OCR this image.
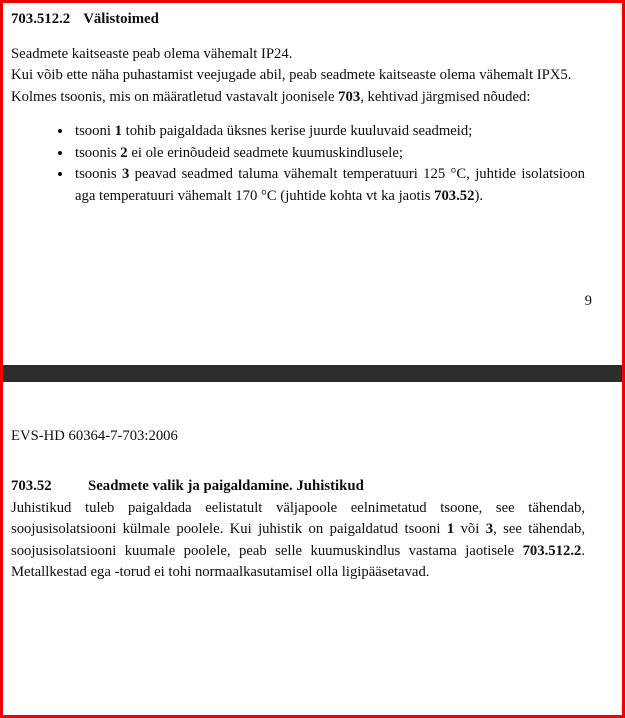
703.512.2 Välistoimed

Seadmete kaitseaste peab olema vähemalt IP24.

Kui võib ette näha puhastamist veejugade abil, peab seadmete kaitseaste olema vähemalt IPX5.

Kolmes tsoonis, mis on määratletud vastavalt joonisele 703, kehtivad järgmised nõuded:

• tsooni 1 tohib paigaldada üksnes kerise juurde kuuluvaid seadmeid;
• tsoonis 2 ei ole erinõudeid seadmete kuumuskindlusele;
• tsoonis 3 peavad seadmed taluma vähemalt temperatuuri 125 °C, juhtide isolatsioon aga temperatuuri vähemalt 170 °C (juhtide kohta vt ka jaotis 703.52).
9
EVS-HD 60364-7-703:2006
703.52 Seadmete valik ja paigaldamine. Juhistikud

Juhistikud tuleb paigaldada eelistatult väljapoole eelnimetatud tsoone, see tähendab, soojusisolatsiooni külmale poolele. Kui juhistik on paigaldatud tsooni 1 või 3, see tähendab, soojusisolatsiooni kuumale poolele, peab selle kuumuskindlus vastama jaotisele 703.512.2. Metallkestad ega -torud ei tohi normaalkasutamisel olla ligipääsetavad.
